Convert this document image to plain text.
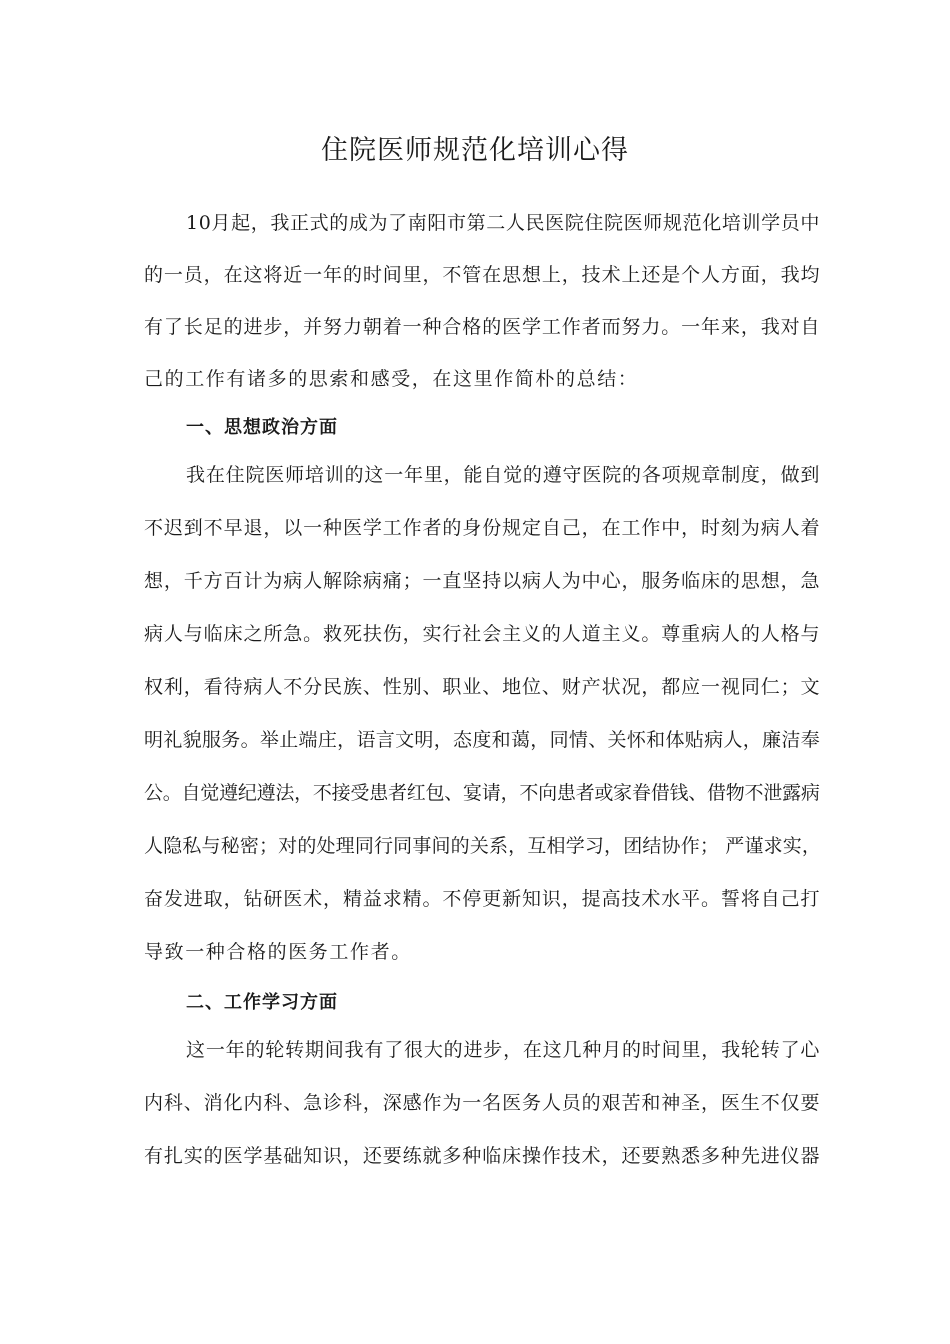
住院医师规范化培训心得
10月起，我正式的成为了南阳市第二人民医院住院医师规范化培训学员中
的一员，在这将近一年的时间里，不管在思想上，技术上还是个人方面，我均
有了长足的进步，并努力朝着一种合格的医学工作者而努力。一年来，我对自
己的工作有诸多的思索和感受，在这里作简朴的总结：
一、思想政治方面
我在住院医师培训的这一年里，能自觉的遵守医院的各项规章制度，做到
不迟到不早退，以一种医学工作者的身份规定自己，在工作中，时刻为病人着
想，千方百计为病人解除病痛；一直坚持以病人为中心，服务临床的思想，急
病人与临床之所急。救死扶伤，实行社会主义的人道主义。尊重病人的人格与
权利，看待病人不分民族、性别、职业、地位、财产状况，都应一视同仁；文
明礼貌服务。举止端庄，语言文明，态度和蔼，同情、关怀和体贴病人，廉洁奉
公。自觉遵纪遵法，不接受患者红包、宴请，不向患者或家眷借钱、借物不泄露病
人隐私与秘密；对的处理同行同事间的关系，互相学习，团结协作； 严谨求实，
奋发进取，钻研医术，精益求精。不停更新知识，提高技术水平。誓将自己打
导致一种合格的医务工作者。
二、工作学习方面
这一年的轮转期间我有了很大的进步，在这几种月的时间里，我轮转了心
内科、消化内科、急诊科，深感作为一名医务人员的艰苦和神圣，医生不仅要
有扎实的医学基础知识，还要练就多种临床操作技术，还要熟悉多种先进仪器
